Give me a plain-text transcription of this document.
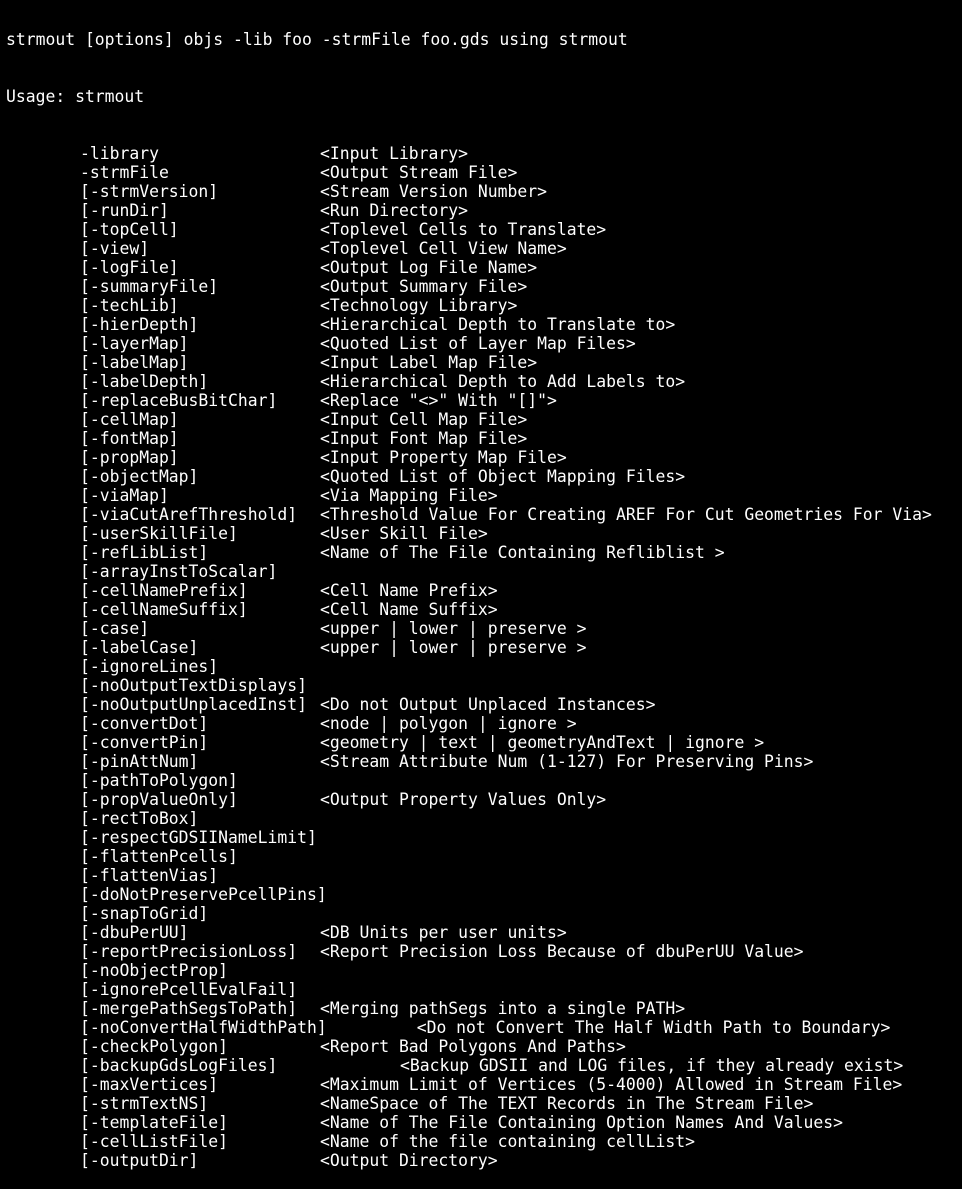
strmout [options] objs -lib foo -strmFile foo.gds using strmout

Usage: strmout

-library	<Input Library>
-strmFile	<Output Stream File>
[-strmVersion]	<Stream Version Number>
[-runDir]	<Run Directory>
[-topCell]	<Toplevel Cells to Translate>
[-view]	<Toplevel Cell View Name>
[-logFile]	<Output Log File Name>
[-summaryFile]	<Output Summary File>
[-techLib]	<Technology Library>
[-hierDepth]	<Hierarchical Depth to Translate to>
[-layerMap]	<Quoted List of Layer Map Files>
[-labelMap]	<Input Label Map File>
[-labelDepth]	<Hierarchical Depth to Add Labels to>
[-replaceBusBitChar]	<Replace "<>" With "[]">
[-cellMap]	<Input Cell Map File>
[-fontMap]	<Input Font Map File>
[-propMap]	<Input Property Map File>
[-objectMap]	<Quoted List of Object Mapping Files>
[-viaMap]	<Via Mapping File>
[-viaCutArefThreshold] <Threshold Value For Creating AREF For Cut Geometries For Via>
[-userSkillFile]	<User Skill File>
[-refLibList]	<Name of The File Containing Refliblist >
[-arrayInstToScalar]
[-cellNamePrefix]	<Cell Name Prefix>
[-cellNameSuffix]	<Cell Name Suffix>
[-case]	<upper | lower | preserve >
[-labelCase]	<upper | lower | preserve >
[-ignoreLines]
[-noOutputTextDisplays]
[-noOutputUnplacedInst] <Do not Output Unplaced Instances>
[-convertDot]	<node | polygon | ignore >
[-convertPin]	<geometry | text | geometryAndText | ignore >
[-pinAttNum]	<Stream Attribute Num (1-127) For Preserving Pins>
[-pathToPolygon]
[-propValueOnly]	<Output Property Values Only>
[-rectToBox]
[-respectGDSIINameLimit]
[-flattenPcells]
[-flattenVias]
[-doNotPreservePcellPins]
[-snapToGrid]
[-dbuPerUU]	<DB Units per user units>
[-reportPrecisionLoss] <Report Precision Loss Because of dbuPerUU Value>
[-noObjectProp]
[-ignorePcellEvalFail]
[-mergePathSegsToPath] <Merging pathSegs into a single PATH>
[-noConvertHalfWidthPath]	<Do not Convert The Half Width Path to Boundary>
[-checkPolygon]	<Report Bad Polygons And Paths>
[-backupGdsLogFiles]	<Backup GDSII and LOG files, if they already exist>
[-maxVertices]	<Maximum Limit of Vertices (5-4000) Allowed in Stream File>
[-strmTextNS]	<NameSpace of The TEXT Records in The Stream File>
[-templateFile]	<Name of The File Containing Option Names And Values>
[-cellListFile]	<Name of the file containing cellList>
[-outputDir]	<Output Directory>
